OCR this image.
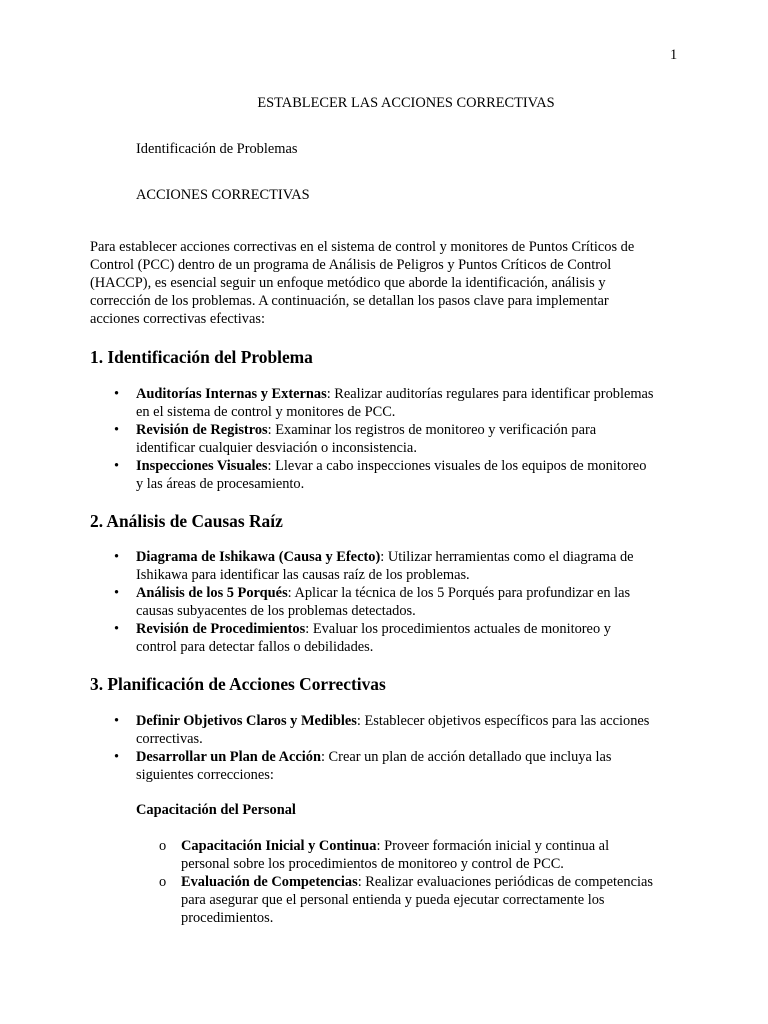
1
ESTABLECER LAS ACCIONES CORRECTIVAS
Identificación de Problemas
ACCIONES CORRECTIVAS

Para establecer acciones correctivas en el sistema de control y monitores de Puntos Críticos de

Control (PCC) dentro de un programa de Análisis de Peligros y Puntos Críticos de Control

(HACCP), es esencial seguir un enfoque metódico que aborde la identificación, análisis y

corrección de los problemas. A continuación, se detallan los pasos clave para implementar

acciones correctivas efectivas:

1. Identificación del Problema
• Auditorías Internas y Externas: Realizar auditorías regulares para identificar problemas
en el sistema de control y monitores de PCC.
• Revisión de Registros: Examinar los registros de monitoreo y verificación para
identificar cualquier desviación o inconsistencia.
• Inspecciones Visuales: Llevar a cabo inspecciones visuales de los equipos de monitoreo
y las áreas de procesamiento.
2. Análisis de Causas Raíz
• Diagrama de Ishikawa (Causa y Efecto): Utilizar herramientas como el diagrama de
Ishikawa para identificar las causas raíz de los problemas.
• Análisis de los 5 Porqués: Aplicar la técnica de los 5 Porqués para profundizar en las
causas subyacentes de los problemas detectados.
• Revisión de Procedimientos: Evaluar los procedimientos actuales de monitoreo y
control para detectar fallos o debilidades.
3. Planificación de Acciones Correctivas
• Definir Objetivos Claros y Medibles: Establecer objetivos específicos para las acciones
correctivas.
• Desarrollar un Plan de Acción: Crear un plan de acción detallado que incluya las
siguientes correcciones:
Capacitación del Personal
o Capacitación Inicial y Continua: Proveer formación inicial y continua al
personal sobre los procedimientos de monitoreo y control de PCC.
o Evaluación de Competencias: Realizar evaluaciones periódicas de competencias
para asegurar que el personal entienda y pueda ejecutar correctamente los
procedimientos.
